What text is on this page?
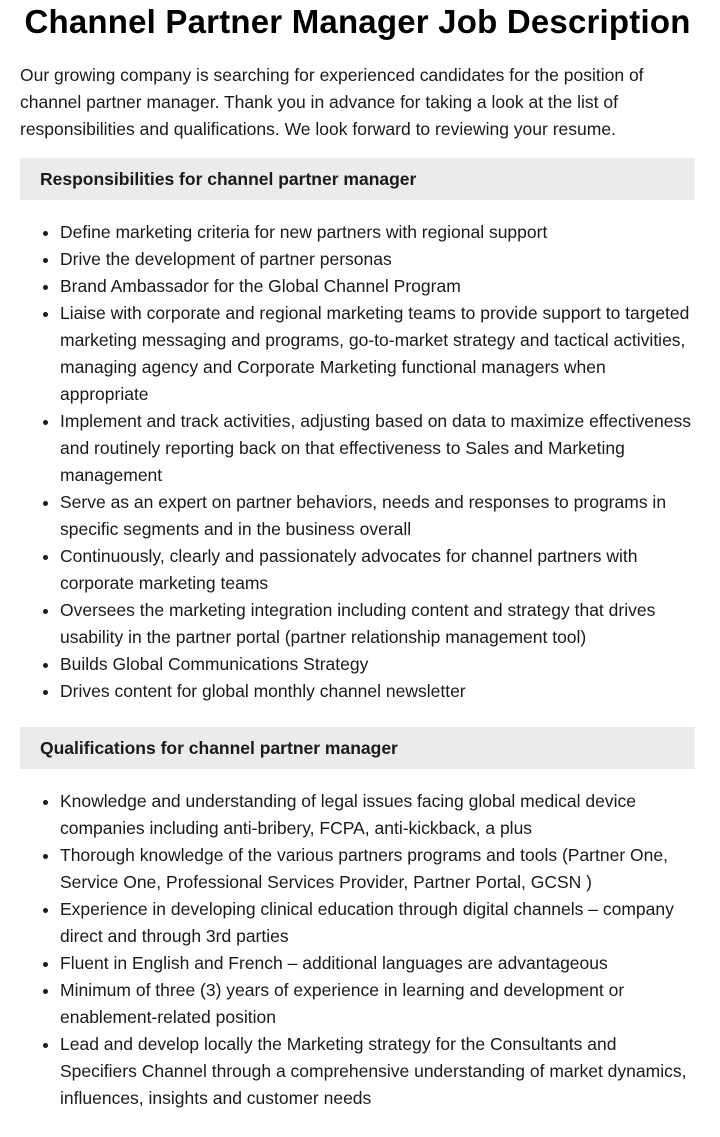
Channel Partner Manager Job Description

Our growing company is searching for experienced candidates for the position of channel partner manager. Thank you in advance for taking a look at the list of responsibilities and qualifications. We look forward to reviewing your resume.

Responsibilities for channel partner manager
Define marketing criteria for new partners with regional support
Drive the development of partner personas
Brand Ambassador for the Global Channel Program
Liaise with corporate and regional marketing teams to provide support to targeted marketing messaging and programs, go-to-market strategy and tactical activities, managing agency and Corporate Marketing functional managers when appropriate
Implement and track activities, adjusting based on data to maximize effectiveness and routinely reporting back on that effectiveness to Sales and Marketing management
Serve as an expert on partner behaviors, needs and responses to programs in specific segments and in the business overall
Continuously, clearly and passionately advocates for channel partners with corporate marketing teams
Oversees the marketing integration including content and strategy that drives usability in the partner portal (partner relationship management tool)
Builds Global Communications Strategy
Drives content for global monthly channel newsletter
Qualifications for channel partner manager
Knowledge and understanding of legal issues facing global medical device companies including anti-bribery, FCPA, anti-kickback, a plus
Thorough knowledge of the various partners programs and tools (Partner One, Service One, Professional Services Provider, Partner Portal, GCSN )
Experience in developing clinical education through digital channels – company direct and through 3rd parties
Fluent in English and French – additional languages are advantageous
Minimum of three (3) years of experience in learning and development or enablement-related position
Lead and develop locally the Marketing strategy for the Consultants and Specifiers Channel through a comprehensive understanding of market dynamics, influences, insights and customer needs
